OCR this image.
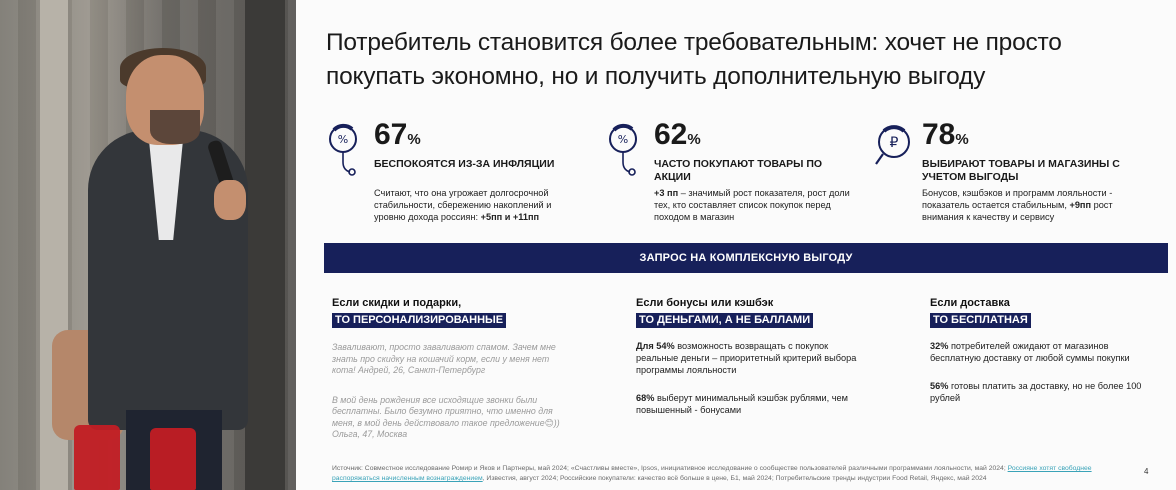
Потребитель становится более требовательным: хочет не просто покупать экономно, но и получить дополнительную выгоду
% 67%
БЕСПОКОЯТСЯ ИЗ-ЗА ИНФЛЯЦИИ
Считают, что она угрожает долгосрочной стабильности, сбережению накоплений и уровню дохода россиян: +5пп и +11пп
% 62%
ЧАСТО ПОКУПАЮТ ТОВАРЫ ПО АКЦИИ
+3 пп – значимый рост показателя, рост доли тех, кто составляет список покупок перед походом в магазин
₽ 78%
ВЫБИРАЮТ ТОВАРЫ И МАГАЗИНЫ С УЧЕТОМ ВЫГОДЫ
Бонусов, кэшбэков и программ лояльности - показатель остается стабильным, +9пп рост внимания к качеству и сервису
ЗАПРОС НА КОМПЛЕКСНУЮ ВЫГОДУ
Если скидки и подарки,
ТО ПЕРСОНАЛИЗИРОВАННЫЕ
Заваливают, просто заваливают спамом. Зачем мне знать про скидку на кошачий корм, если у меня нет кота! Андрей, 26, Санкт-Петербург
В мой день рождения все исходящие звонки были бесплатны. Было безумно приятно, что именно для меня, в мой день действовало такое предложение😊)) Ольга, 47, Москва
Если бонусы или кэшбэк
ТО ДЕНЬГАМИ, А НЕ БАЛЛАМИ
Для 54% возможность возвращать с покупок реальные деньги – приоритетный критерий выбора программы лояльности
68% выберут минимальный кэшбэк рублями, чем повышенный - бонусами
Если доставка
ТО БЕСПЛАТНАЯ
32% потребителей ожидают от магазинов бесплатную доставку от любой суммы покупки
56% готовы платить за доставку, но не более 100 рублей
Источник: Совместное исследование Ромир и Яков и Партнеры, май 2024; «Счастливы вместе», Ipsos, инициативное исследование о сообществе пользователей различными программами лояльности, май 2024; Россияне хотят свободнее распоряжаться начисленным вознаграждением, Известия, август 2024; Российские покупатели: качество всё больше в цене, Б1, май 2024; Потребительские тренды индустрии Food Retail, Яндекс, май 2024
4
